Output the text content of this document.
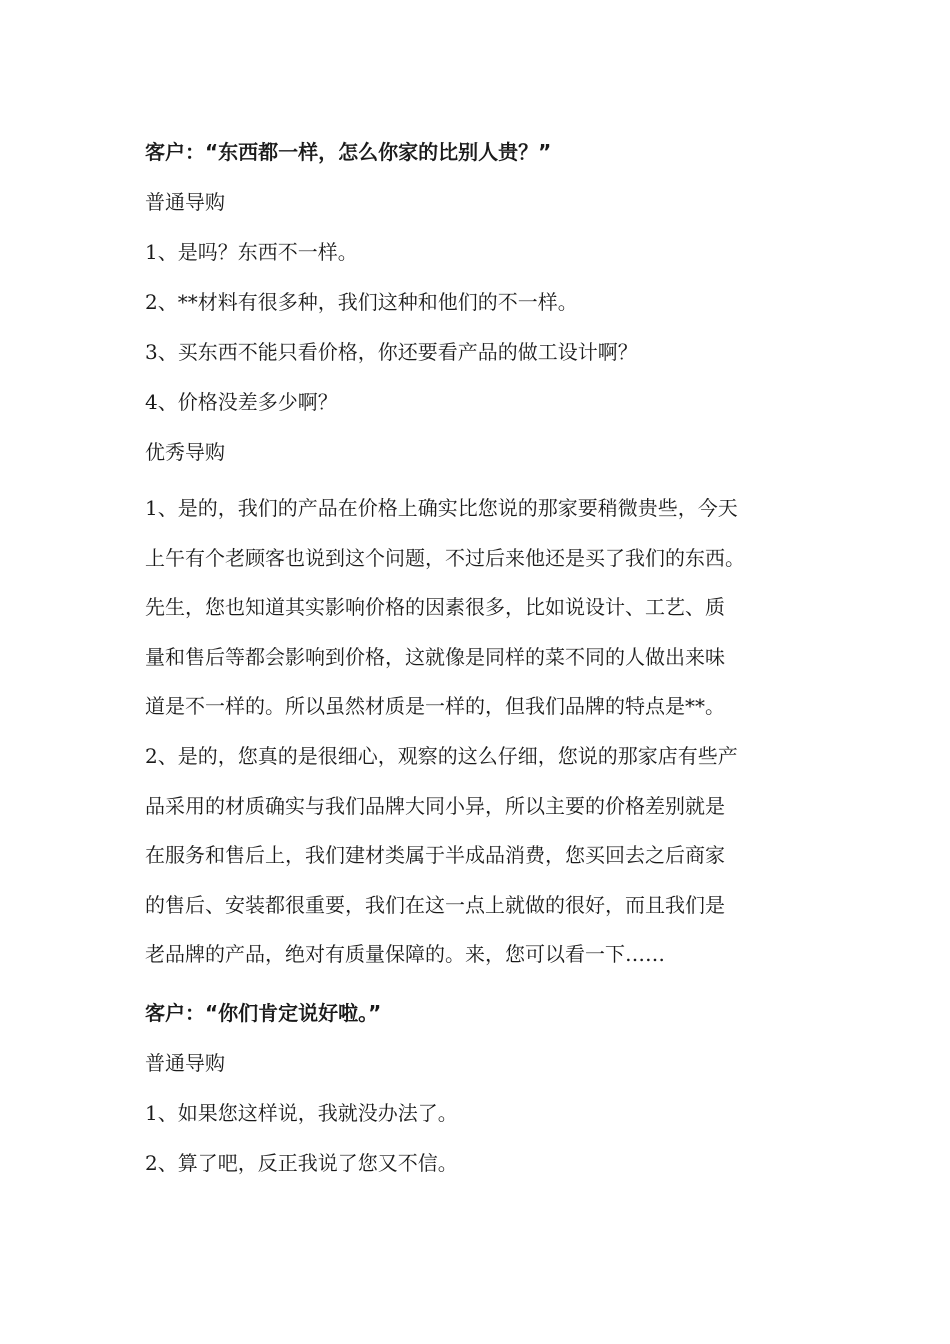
客户：“东西都一样，怎么你家的比别人贵？”
普通导购
1、是吗？东西不一样。
2、**材料有很多种，我们这种和他们的不一样。
3、买东西不能只看价格，你还要看产品的做工设计啊？
4、价格没差多少啊？
优秀导购
1、是的，我们的产品在价格上确实比您说的那家要稍微贵些，今天
上午有个老顾客也说到这个问题，不过后来他还是买了我们的东西。
先生，您也知道其实影响价格的因素很多，比如说设计、工艺、质
量和售后等都会影响到价格，这就像是同样的菜不同的人做出来味
道是不一样的。所以虽然材质是一样的，但我们品牌的特点是**。
2、是的，您真的是很细心，观察的这么仔细，您说的那家店有些产
品采用的材质确实与我们品牌大同小异，所以主要的价格差别就是
在服务和售后上，我们建材类属于半成品消费，您买回去之后商家
的售后、安装都很重要，我们在这一点上就做的很好，而且我们是
老品牌的产品，绝对有质量保障的。来，您可以看一下……
客户：“你们肯定说好啦。”
普通导购
1、如果您这样说，我就没办法了。
2、算了吧，反正我说了您又不信。
